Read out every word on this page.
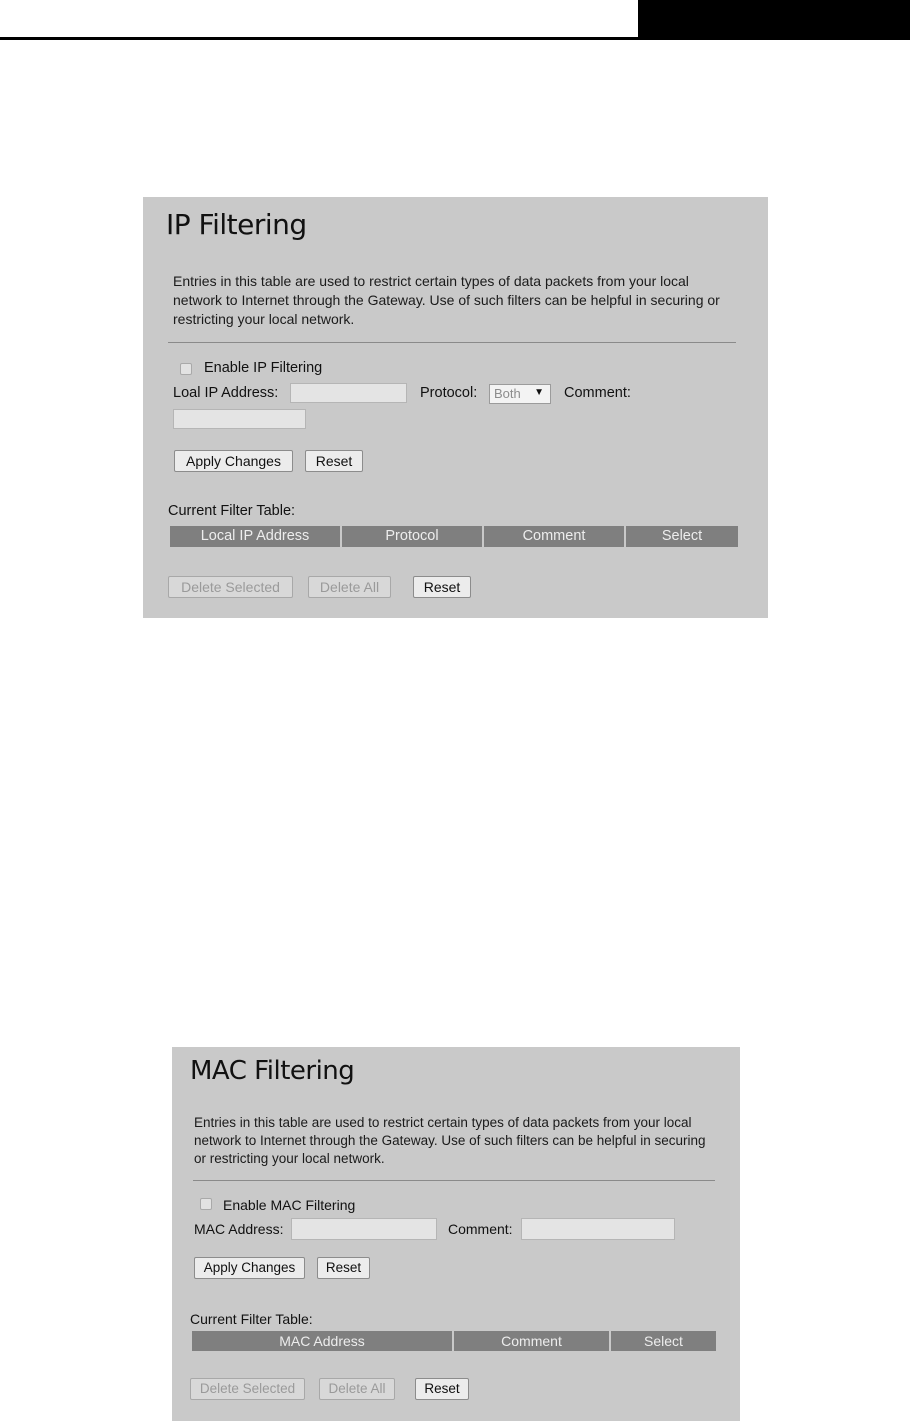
IP Filtering
Entries in this table are used to restrict certain types of data packets from your local network to Internet through the Gateway. Use of such filters can be helpful in securing or restricting your local network.
Enable IP Filtering
Loal IP Address:	Protocol:	Both ▼ Comment:
Apply Changes	Reset
Current Filter Table:
Local IP Address	Protocol	Comment	Select
Delete Selected	Delete All	Reset
MAC Filtering
Entries in this table are used to restrict certain types of data packets from your local network to Internet through the Gateway. Use of such filters can be helpful in securing or restricting your local network.
Enable MAC Filtering
MAC Address:	Comment:
Apply Changes	Reset
Current Filter Table:
MAC Address	Comment	Select
Delete Selected	Delete All	Reset
